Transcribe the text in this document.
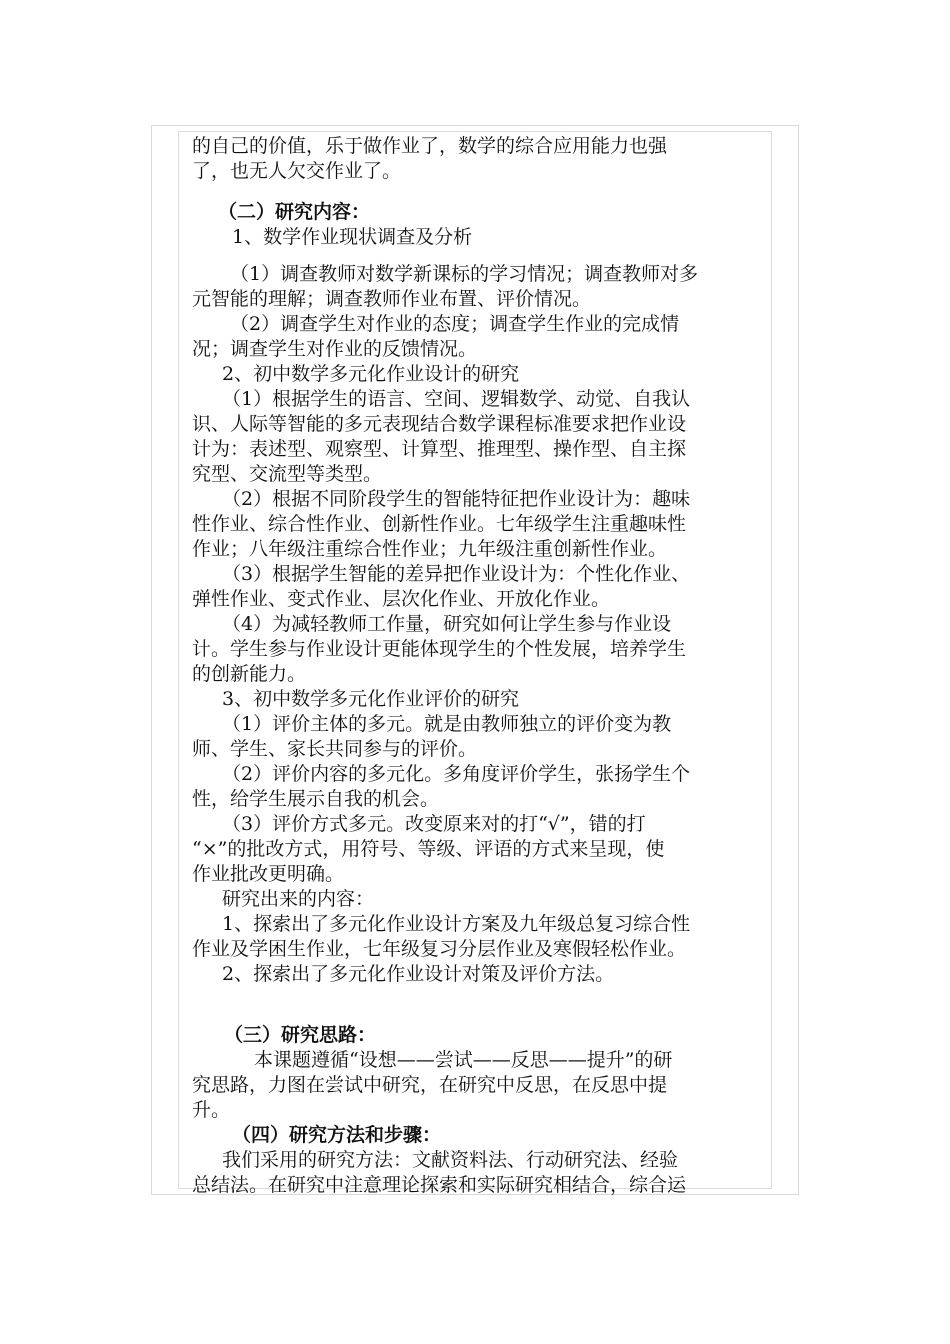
的自己的价值，乐于做作业了，数学的综合应用能力也强
了，也无人欠交作业了。
（二）研究内容：
1、数学作业现状调查及分析
（1）调查教师对数学新课标的学习情况；调查教师对多
元智能的理解；调查教师作业布置、评价情况。
（2）调查学生对作业的态度；调查学生作业的完成情
况；调查学生对作业的反馈情况。
2、初中数学多元化作业设计的研究
（1）根据学生的语言、空间、逻辑数学、动觉、自我认
识、人际等智能的多元表现结合数学课程标准要求把作业设
计为：表述型、观察型、计算型、推理型、操作型、自主探
究型、交流型等类型。
（2）根据不同阶段学生的智能特征把作业设计为：趣味
性作业、综合性作业、创新性作业。七年级学生注重趣味性
作业；八年级注重综合性作业；九年级注重创新性作业。
（3）根据学生智能的差异把作业设计为：个性化作业、
弹性作业、变式作业、层次化作业、开放化作业。
（4）为减轻教师工作量，研究如何让学生参与作业设
计。学生参与作业设计更能体现学生的个性发展，培养学生
的创新能力。
3、初中数学多元化作业评价的研究
（1）评价主体的多元。就是由教师独立的评价变为教
师、学生、家长共同参与的评价。
（2）评价内容的多元化。多角度评价学生，张扬学生个
性，给学生展示自我的机会。
（3）评价方式多元。改变原来对的打“√”，错的打
“×”的批改方式，用符号、等级、评语的方式来呈现，使
作业批改更明确。
研究出来的内容：
1、探索出了多元化作业设计方案及九年级总复习综合性
作业及学困生作业，七年级复习分层作业及寒假轻松作业。
2、探索出了多元化作业设计对策及评价方法。
（三）研究思路：
本课题遵循“设想——尝试——反思——提升”的研
究思路，力图在尝试中研究，在研究中反思，在反思中提
升。
（四）研究方法和步骤：
我们采用的研究方法：文献资料法、行动研究法、经验
总结法。在研究中注意理论探索和实际研究相结合，综合运
